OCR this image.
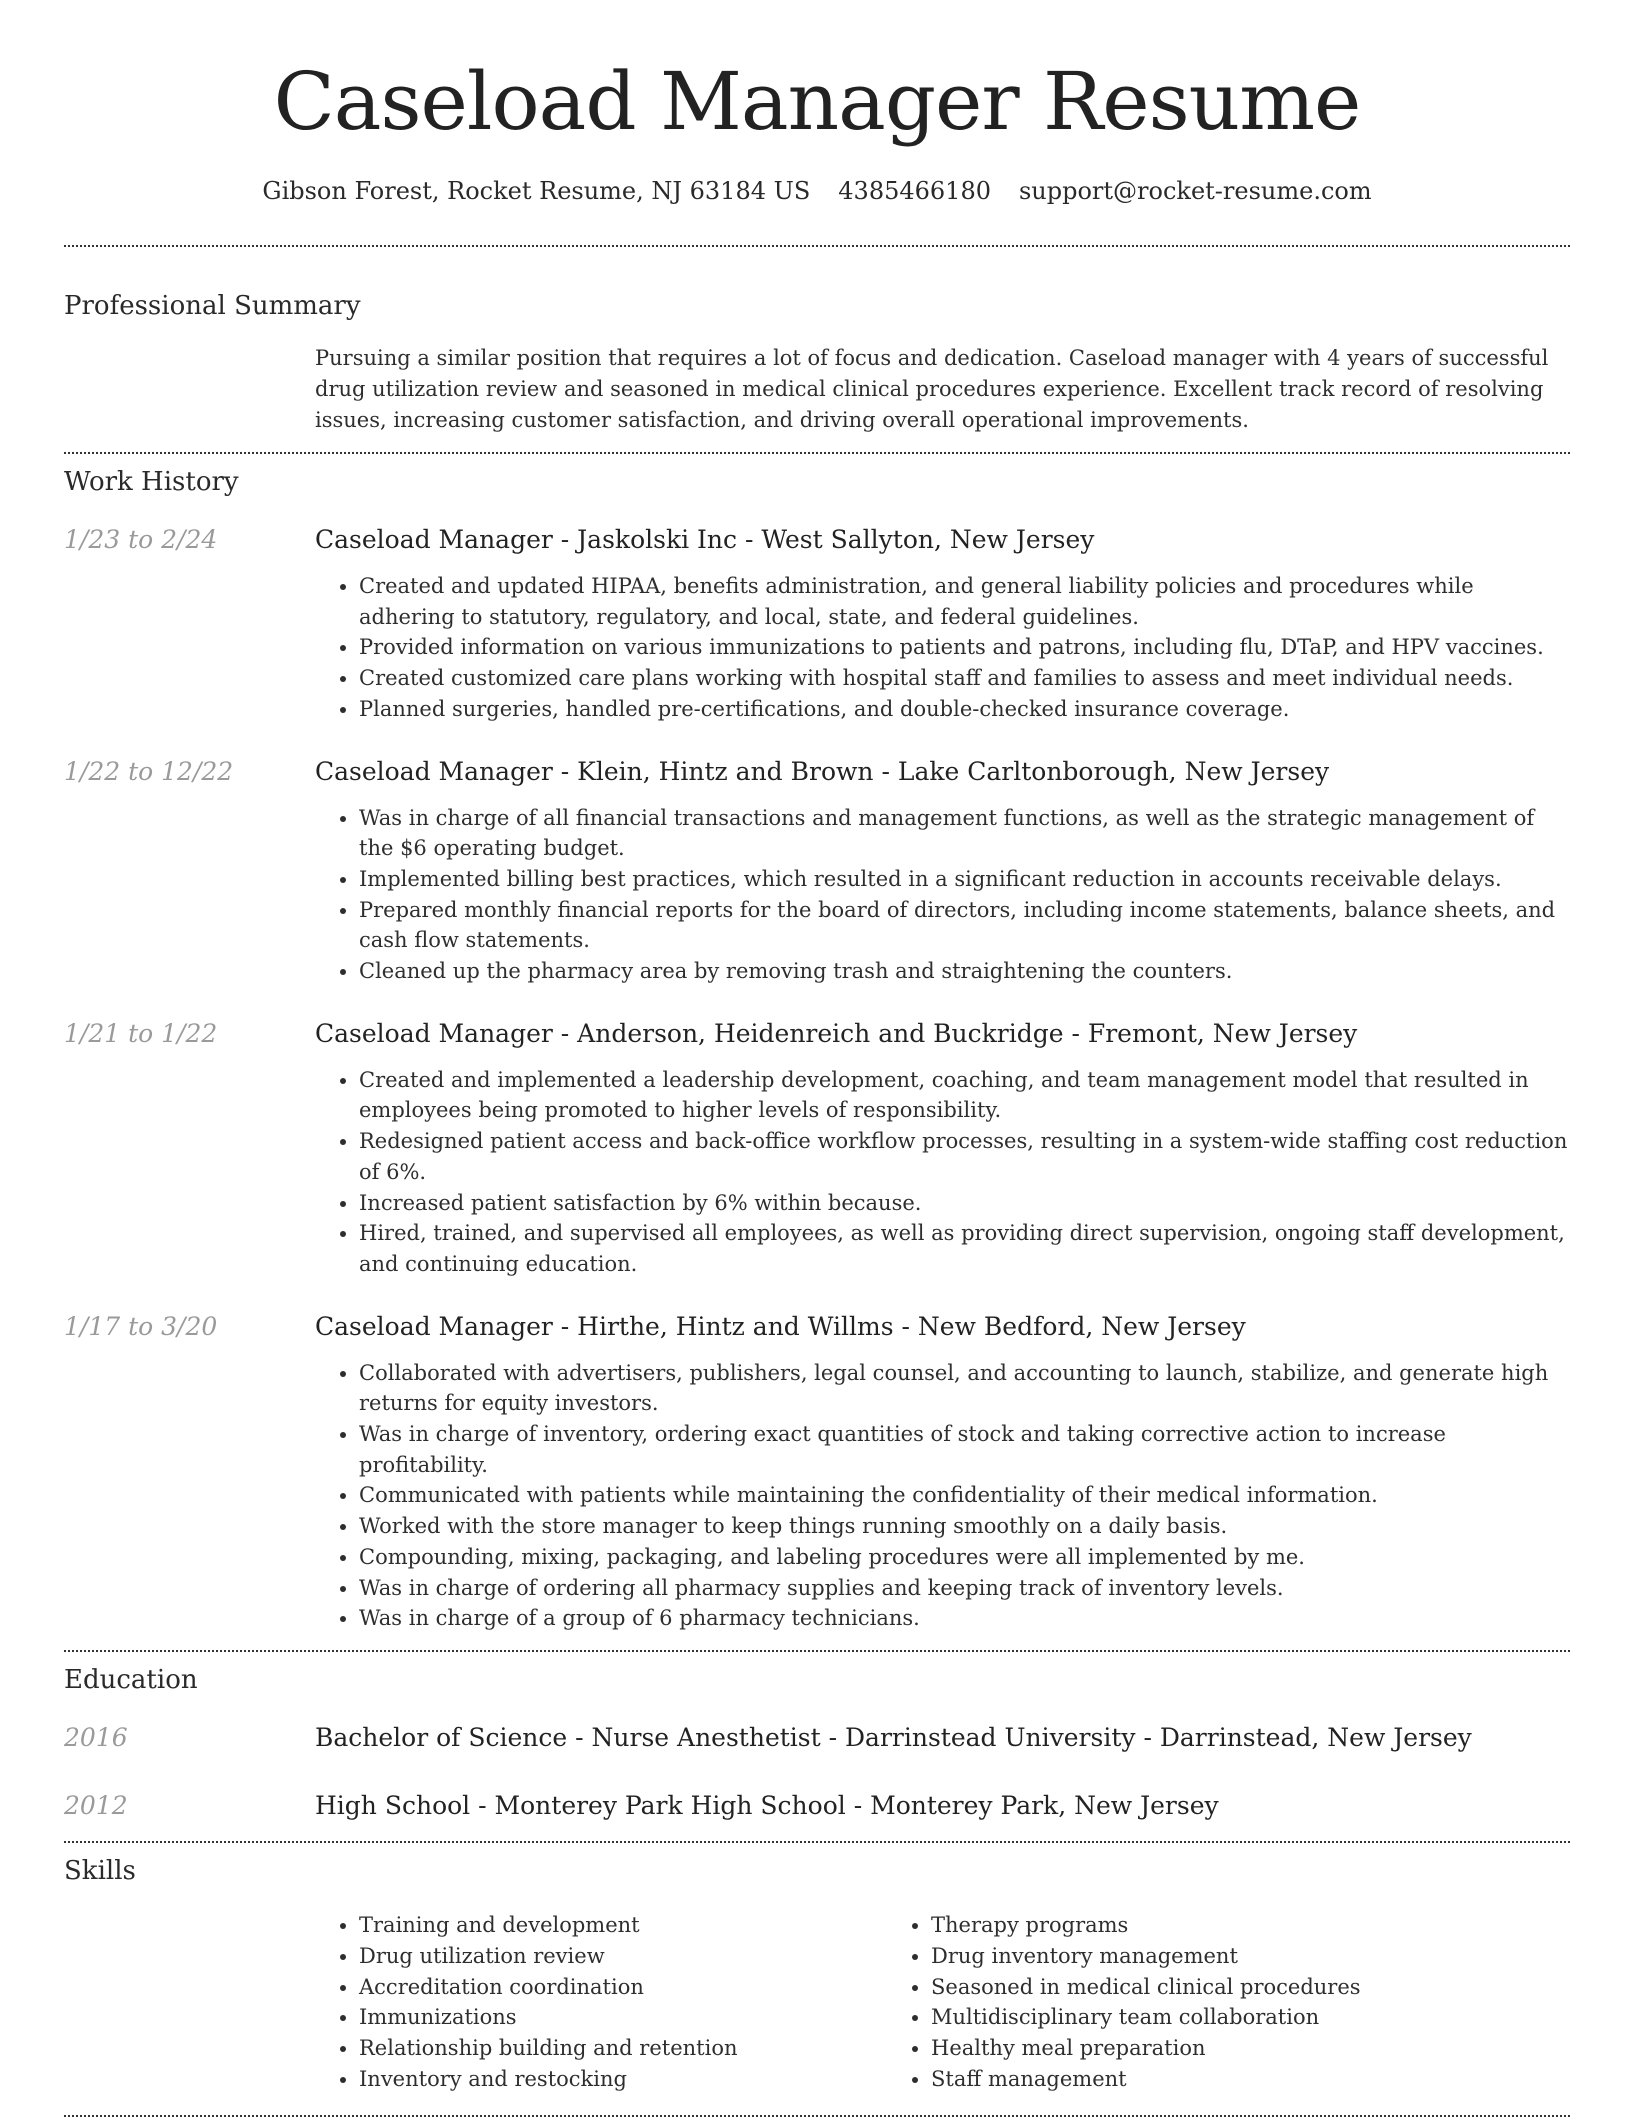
Caseload Manager Resume
Gibson Forest, Rocket Resume, NJ 63184 US 4385466180 support@rocket-resume.com
Professional Summary

Pursuing a similar position that requires a lot of focus and dedication. Caseload manager with 4 years of successful drug utilization review and seasoned in medical clinical procedures experience. Excellent track record of resolving issues, increasing customer satisfaction, and driving overall operational improvements.

Work History
1/23 to 2/24	Caseload Manager - Jaskolski Inc - West Sallyton, New Jersey
• Created and updated HIPAA, benefits administration, and general liability policies and procedures while adhering to statutory, regulatory, and local, state, and federal guidelines.
• Provided information on various immunizations to patients and patrons, including flu, DTaP, and HPV vaccines.
• Created customized care plans working with hospital staff and families to assess and meet individual needs.
• Planned surgeries, handled pre-certifications, and double-checked insurance coverage.
1/22 to 12/22	Caseload Manager - Klein, Hintz and Brown - Lake Carltonborough, New Jersey
• Was in charge of all financial transactions and management functions, as well as the strategic management of the $6 operating budget.
• Implemented billing best practices, which resulted in a significant reduction in accounts receivable delays.
• Prepared monthly financial reports for the board of directors, including income statements, balance sheets, and cash flow statements.
• Cleaned up the pharmacy area by removing trash and straightening the counters.
1/21 to 1/22	Caseload Manager - Anderson, Heidenreich and Buckridge - Fremont, New Jersey
• Created and implemented a leadership development, coaching, and team management model that resulted in employees being promoted to higher levels of responsibility.
• Redesigned patient access and back-office workflow processes, resulting in a system-wide staffing cost reduction of 6%.
• Increased patient satisfaction by 6% within because.
• Hired, trained, and supervised all employees, as well as providing direct supervision, ongoing staff development, and continuing education.
1/17 to 3/20	Caseload Manager - Hirthe, Hintz and Willms - New Bedford, New Jersey
• Collaborated with advertisers, publishers, legal counsel, and accounting to launch, stabilize, and generate high returns for equity investors.
• Was in charge of inventory, ordering exact quantities of stock and taking corrective action to increase profitability.
• Communicated with patients while maintaining the confidentiality of their medical information.
• Worked with the store manager to keep things running smoothly on a daily basis.
• Compounding, mixing, packaging, and labeling procedures were all implemented by me.
• Was in charge of ordering all pharmacy supplies and keeping track of inventory levels.
• Was in charge of a group of 6 pharmacy technicians.
Education
2016	Bachelor of Science - Nurse Anesthetist - Darrinstead University - Darrinstead, New Jersey
2012	High School - Monterey Park High School - Monterey Park, New Jersey
Skills
• Training and development
• Drug utilization review
• Accreditation coordination
• Immunizations
• Relationship building and retention
• Inventory and restocking
• Therapy programs
• Drug inventory management
• Seasoned in medical clinical procedures
• Multidisciplinary team collaboration
• Healthy meal preparation
• Staff management
